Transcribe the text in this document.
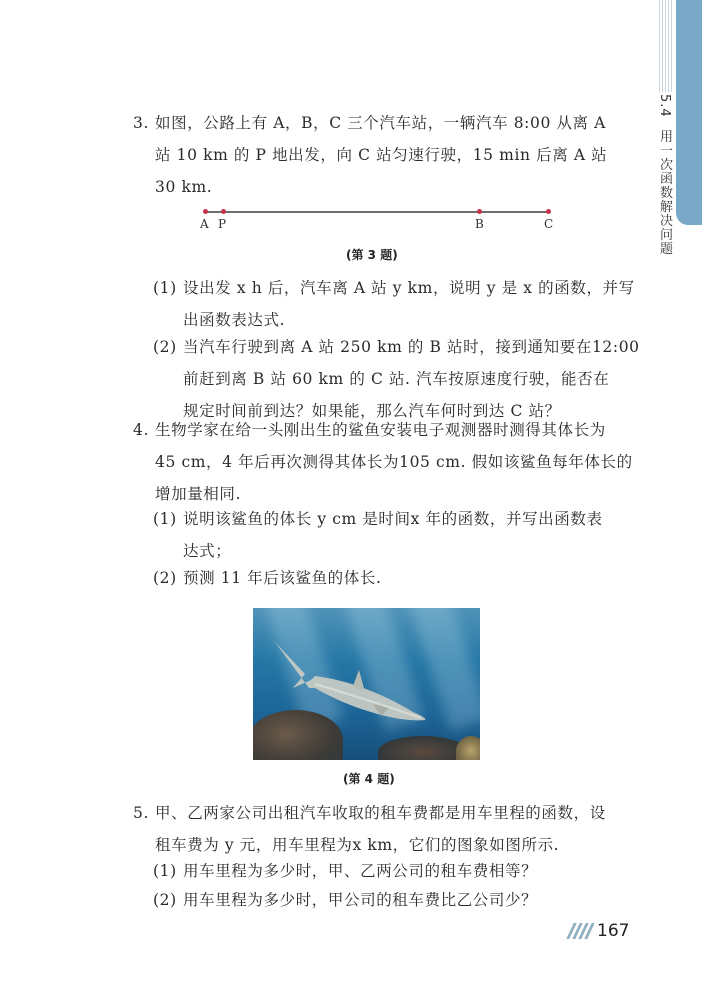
5.4用一次函数解决问题
3. 如图，公路上有 A，B，C 三个汽车站，一辆汽车 8:00 从离 A
站 10 km 的 P 地出发，向 C 站匀速行驶，15 min 后离 A 站
30 km.
A P	B	C
(第 3 题)
(1) 设出发 x h 后，汽车离 A 站 y km，说明 y 是 x 的函数，并写
出函数表达式.
(2) 当汽车行驶到离 A 站 250 km 的 B 站时，接到通知要在12:00
前赶到离 B 站 60 km 的 C 站. 汽车按原速度行驶，能否在
规定时间前到达？如果能，那么汽车何时到达 C 站？
4. 生物学家在给一头刚出生的鲨鱼安装电子观测器时测得其体长为
45 cm，4 年后再次测得其体长为105 cm. 假如该鲨鱼每年体长的
增加量相同.
(1) 说明该鲨鱼的体长 y cm 是时间x 年的函数，并写出函数表
达式；
(2) 预测 11 年后该鲨鱼的体长.
(第 4 题)
5. 甲、乙两家公司出租汽车收取的租车费都是用车里程的函数，设
租车费为 y 元，用车里程为x km，它们的图象如图所示.
(1) 用车里程为多少时，甲、乙两公司的租车费相等？
(2) 用车里程为多少时，甲公司的租车费比乙公司少？
167
